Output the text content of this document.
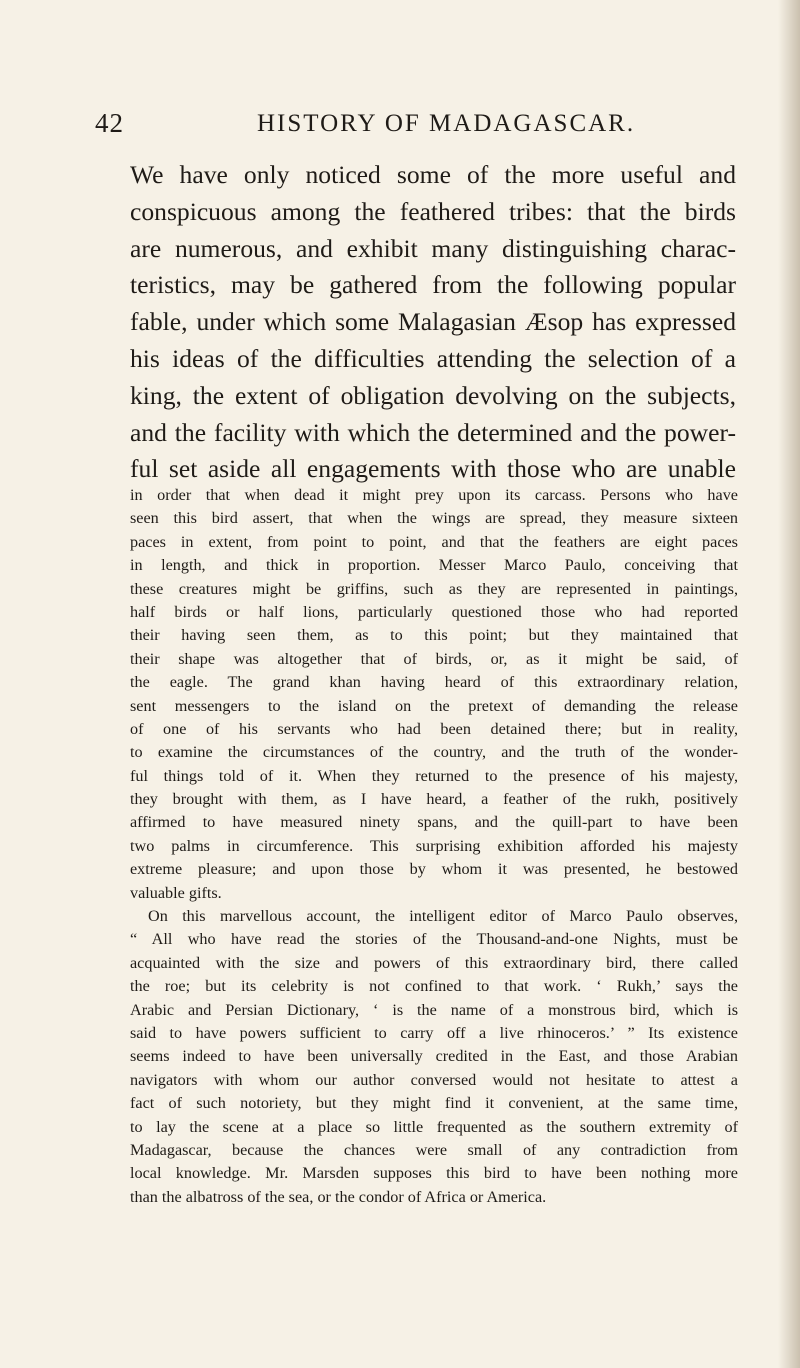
42	HISTORY OF MADAGASCAR.
We have only noticed some of the more useful and
conspicuous among the feathered tribes: that the birds
are numerous, and exhibit many distinguishing charac-
teristics, may be gathered from the following popular
fable, under which some Malagasian Æsop has expressed
his ideas of the difficulties attending the selection of a
king, the extent of obligation devolving on the subjects,
and the facility with which the determined and the power-
ful set aside all engagements with those who are unable
in order that when dead it might prey upon its carcass. Persons who have
seen this bird assert, that when the wings are spread, they measure sixteen
paces in extent, from point to point, and that the feathers are eight paces
in length, and thick in proportion. Messer Marco Paulo, conceiving that
these creatures might be griffins, such as they are represented in paintings,
half birds or half lions, particularly questioned those who had reported
their having seen them, as to this point; but they maintained that
their shape was altogether that of birds, or, as it might be said, of
the eagle. The grand khan having heard of this extraordinary relation,
sent messengers to the island on the pretext of demanding the release
of one of his servants who had been detained there; but in reality,
to examine the circumstances of the country, and the truth of the wonder-
ful things told of it. When they returned to the presence of his majesty,
they brought with them, as I have heard, a feather of the rukh, positively
affirmed to have measured ninety spans, and the quill-part to have been
two palms in circumference. This surprising exhibition afforded his majesty
extreme pleasure; and upon those by whom it was presented, he bestowed
valuable gifts.
On this marvellous account, the intelligent editor of Marco Paulo observes,
“ All who have read the stories of the Thousand-and-one Nights, must be
acquainted with the size and powers of this extraordinary bird, there called
the roe; but its celebrity is not confined to that work. ‘ Rukh,’ says the
Arabic and Persian Dictionary, ‘ is the name of a monstrous bird, which is
said to have powers sufficient to carry off a live rhinoceros.’ ” Its existence
seems indeed to have been universally credited in the East, and those Arabian
navigators with whom our author conversed would not hesitate to attest a
fact of such notoriety, but they might find it convenient, at the same time,
to lay the scene at a place so little frequented as the southern extremity of
Madagascar, because the chances were small of any contradiction from
local knowledge. Mr. Marsden supposes this bird to have been nothing more
than the albatross of the sea, or the condor of Africa or America.
